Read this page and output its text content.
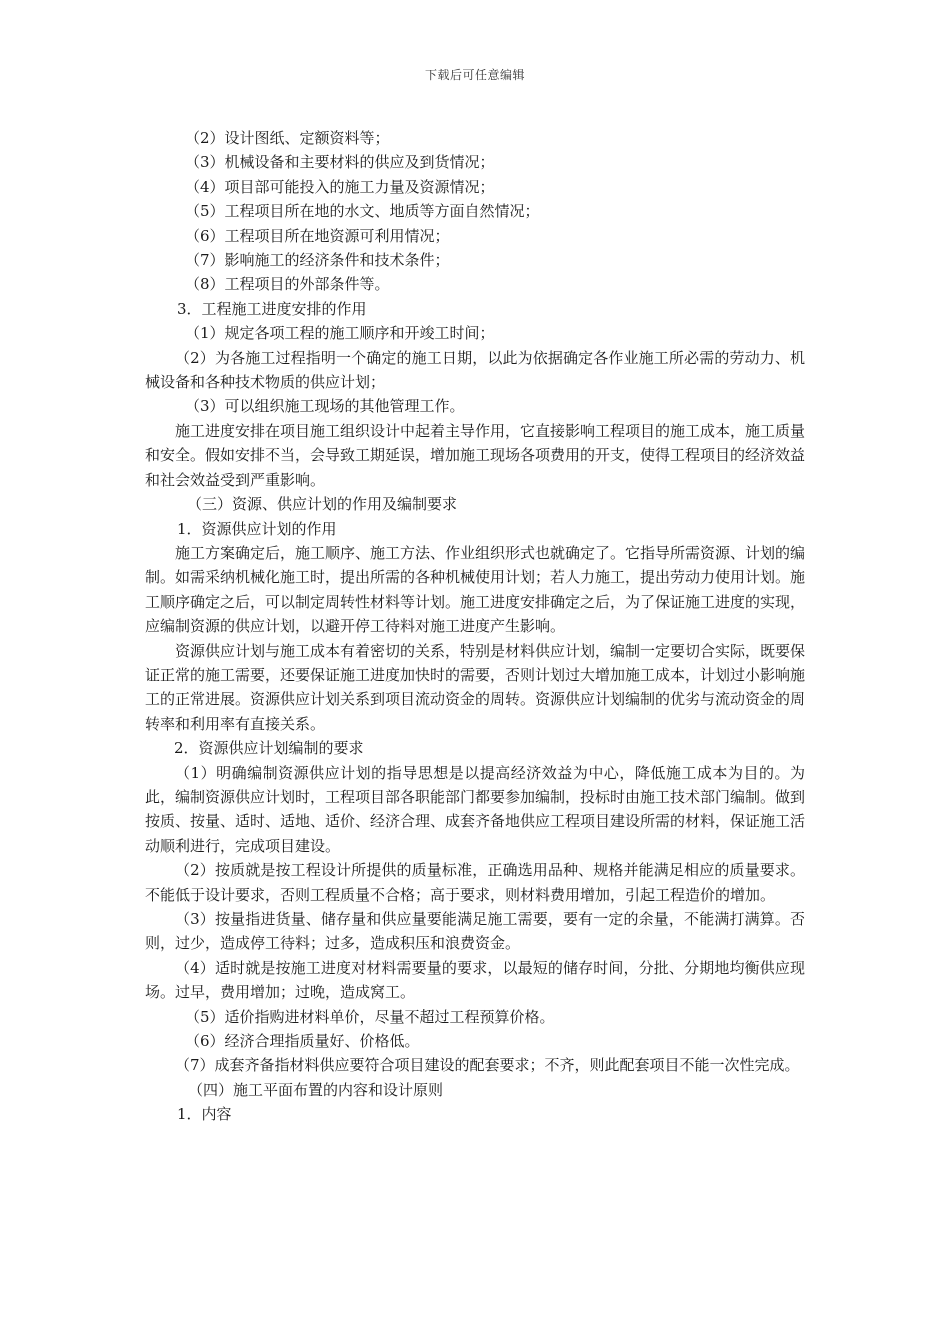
下载后可任意编辑

（2）设计图纸、定额资料等；

（3）机械设备和主要材料的供应及到货情况；

（4）项目部可能投入的施工力量及资源情况；

（5）工程项目所在地的水文、地质等方面自然情况；

（6）工程项目所在地资源可利用情况；

（7）影响施工的经济条件和技术条件；

（8）工程项目的外部条件等。

3．工程施工进度安排的作用

（1）规定各项工程的施工顺序和开竣工时间；

（2）为各施工过程指明一个确定的施工日期，以此为依据确定各作业施工所必需的劳动力、机械设备和各种技术物质的供应计划；

（3）可以组织施工现场的其他管理工作。

施工进度安排在项目施工组织设计中起着主导作用，它直接影响工程项目的施工成本，施工质量和安全。假如安排不当，会导致工期延误，增加施工现场各项费用的开支，使得工程项目的经济效益和社会效益受到严重影响。

（三）资源、供应计划的作用及编制要求

1．资源供应计划的作用

施工方案确定后，施工顺序、施工方法、作业组织形式也就确定了。它指导所需资源、计划的编制。如需采纳机械化施工时，提出所需的各种机械使用计划；若人力施工，提出劳动力使用计划。施工顺序确定之后，可以制定周转性材料等计划。施工进度安排确定之后，为了保证施工进度的实现，应编制资源的供应计划，以避开停工待料对施工进度产生影响。

资源供应计划与施工成本有着密切的关系，特别是材料供应计划，编制一定要切合实际，既要保证正常的施工需要，还要保证施工进度加快时的需要，否则计划过大增加施工成本，计划过小影响施工的正常进展。资源供应计划关系到项目流动资金的周转。资源供应计划编制的优劣与流动资金的周转率和利用率有直接关系。

2．资源供应计划编制的要求

（1）明确编制资源供应计划的指导思想是以提高经济效益为中心，降低施工成本为目的。为此，编制资源供应计划时，工程项目部各职能部门都要参加编制，投标时由施工技术部门编制。做到按质、按量、适时、适地、适价、经济合理、成套齐备地供应工程项目建设所需的材料，保证施工活动顺利进行，完成项目建设。

（2）按质就是按工程设计所提供的质量标准，正确选用品种、规格并能满足相应的质量要求。不能低于设计要求，否则工程质量不合格；高于要求，则材料费用增加，引起工程造价的增加。

（3）按量指进货量、储存量和供应量要能满足施工需要，要有一定的余量，不能满打满算。否则，过少，造成停工待料；过多，造成积压和浪费资金。

（4）适时就是按施工进度对材料需要量的要求，以最短的储存时间，分批、分期地均衡供应现场。过早，费用增加；过晚，造成窝工。

（5）适价指购进材料单价，尽量不超过工程预算价格。

（6）经济合理指质量好、价格低。

（7）成套齐备指材料供应要符合项目建设的配套要求；不齐，则此配套项目不能一次性完成。

（四）施工平面布置的内容和设计原则

1．内容
